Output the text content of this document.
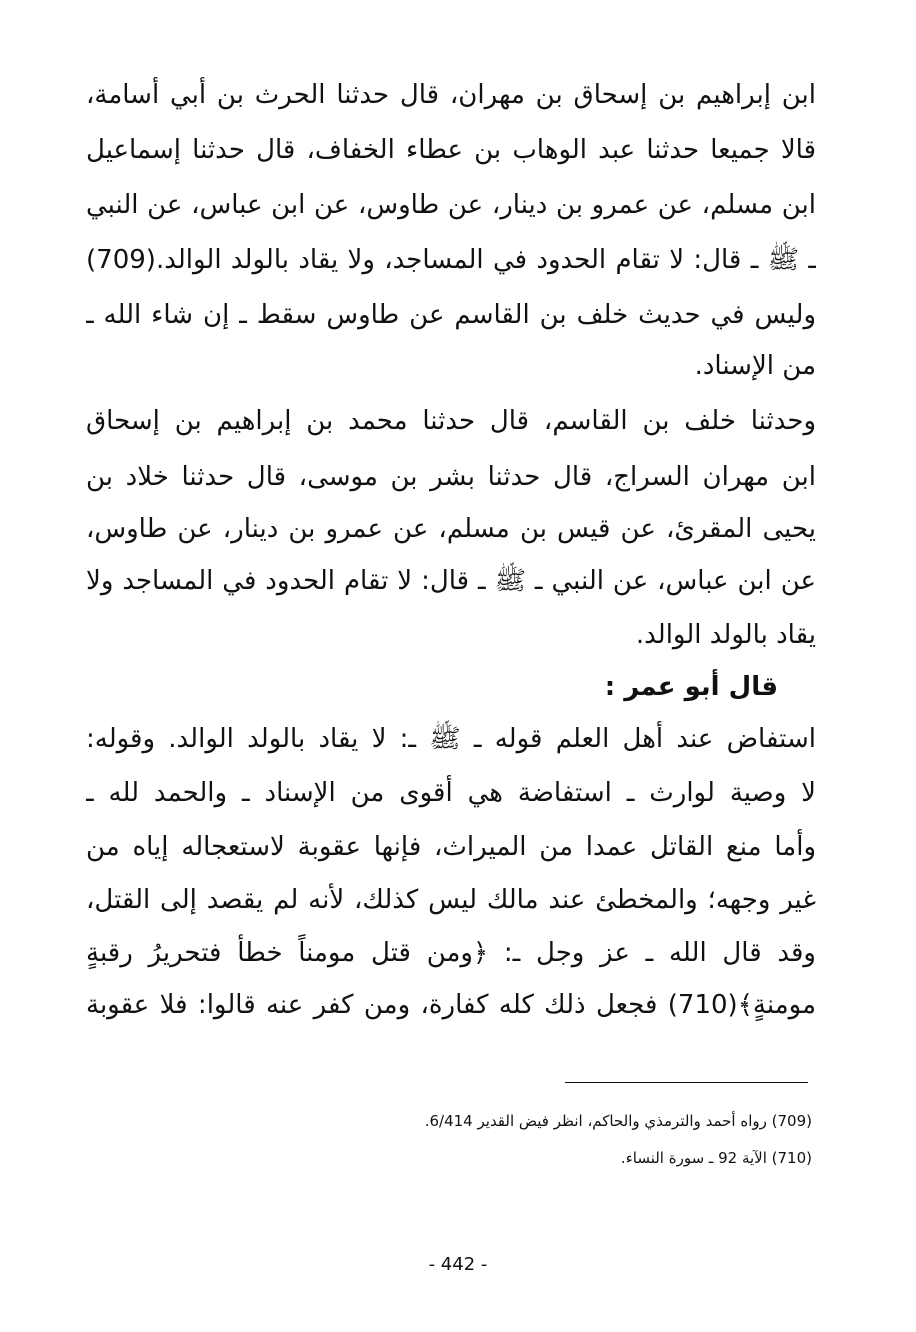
ابن إبراهيم بن إسحاق بن مهران، قال حدثنا الحرث بن أبي أسامة،
قالا جميعا حدثنا عبد الوهاب بن عطاء الخفاف، قال حدثنا إسماعيل
ابن مسلم، عن عمرو بن دينار، عن طاوس، عن ابن عباس، عن النبي
ـ ﷺ ـ قال: لا تقام الحدود في المساجد، ولا يقاد بالولد الوالد.(709)
وليس في حديث خلف بن القاسم عن طاوس سقط ـ إن شاء الله ـ
من الإسناد.
وحدثنا خلف بن القاسم، قال حدثنا محمد بن إبراهيم بن إسحاق
ابن مهران السراج، قال حدثنا بشر بن موسى، قال حدثنا خلاد بن
يحيى المقرئ، عن قيس بن مسلم، عن عمرو بن دينار، عن طاوس،
عن ابن عباس، عن النبي ـ ﷺ ـ قال: لا تقام الحدود في المساجد ولا
يقاد بالولد الوالد.
قال أبو عمر :
استفاض عند أهل العلم قوله ـ ﷺ ـ: لا يقاد بالولد الوالد. وقوله:
لا وصية لوارث ـ استفاضة هي أقوى من الإسناد ـ والحمد لله ـ
وأما منع القاتل عمدا من الميراث، فإنها عقوبة لاستعجاله إياه من
غير وجهه؛ والمخطئ عند مالك ليس كذلك، لأنه لم يقصد إلى القتل،
وقد قال الله ـ عز وجل ـ: ﴿ومن قتل مومناً خطأً فتحريرُ رقبةٍ
مومنةٍ﴾(710) فجعل ذلك كله كفارة، ومن كفر عنه قالوا: فلا عقوبة
(709) رواه أحمد والترمذي والحاكم، انظر فيض القدير 6/414.
(710) الآية 92 ـ سورة النساء.
- 442 -
